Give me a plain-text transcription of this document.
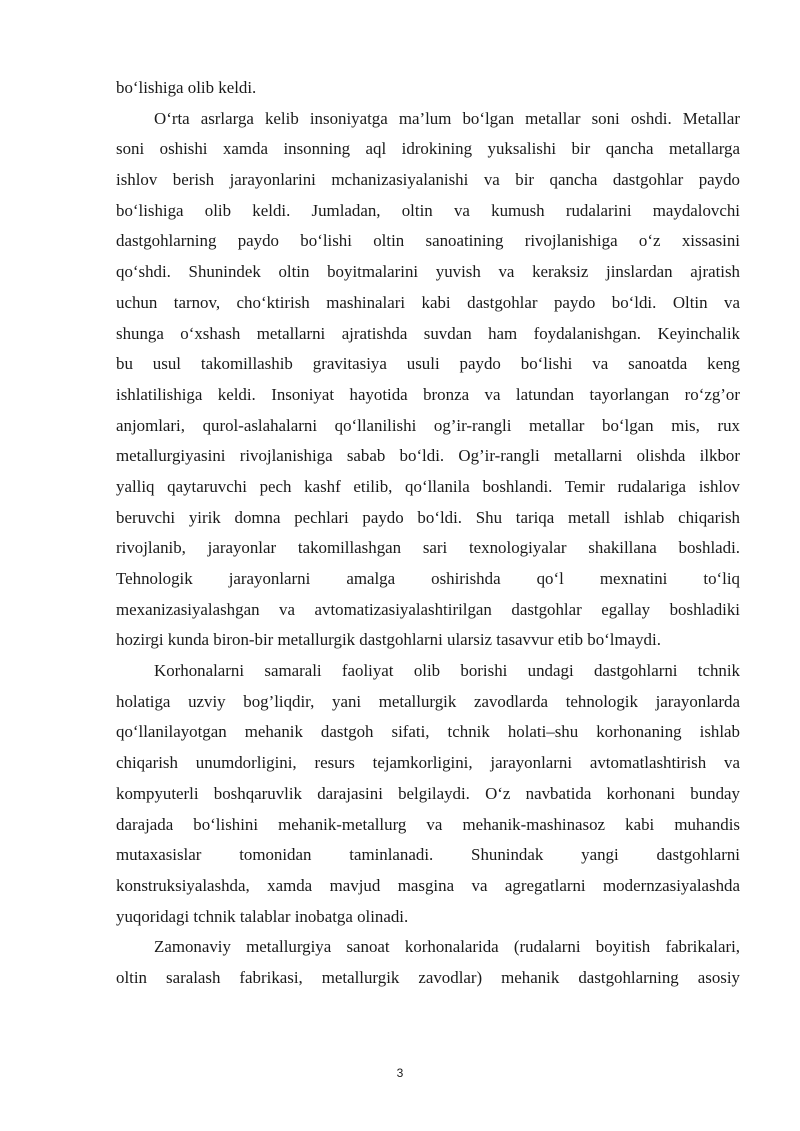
bo‘lishiga olib keldi.
O‘rta asrlarga kelib insoniyatga ma’lum bo‘lgan metallar soni oshdi. Metallar
soni oshishi xamda insonning aql idrokining yuksalishi bir qancha metallarga
ishlov berish jarayonlarini mchanizasiyalanishi va bir qancha dastgohlar paydo
bo‘lishiga olib keldi. Jumladan, oltin va kumush rudalarini maydalovchi
dastgohlarning paydo bo‘lishi oltin sanoatining rivojlanishiga o‘z xissasini
qo‘shdi. Shunindek oltin boyitmalarini yuvish va keraksiz jinslardan ajratish
uchun tarnov, cho‘ktirish mashinalari kabi dastgohlar paydo bo‘ldi. Oltin va
shunga o‘xshash metallarni ajratishda suvdan ham foydalanishgan. Keyinchalik
bu usul takomillashib gravitasiya usuli paydo bo‘lishi va sanoatda keng
ishlatilishiga keldi. Insoniyat hayotida bronza va latundan tayorlangan ro‘zg’or
anjomlari, qurol-aslahalarni qo‘llanilishi og’ir-rangli metallar bo‘lgan mis, rux
metallurgiyasini rivojlanishiga sabab bo‘ldi. Og’ir-rangli metallarni olishda ilkbor
yalliq qaytaruvchi pech kashf etilib, qo‘llanila boshlandi. Temir rudalariga ishlov
beruvchi yirik domna pechlari paydo bo‘ldi. Shu tariqa metall ishlab chiqarish
rivojlanib, jarayonlar takomillashgan sari texnologiyalar shakillana boshladi.
Tehnologik jarayonlarni amalga oshirishda qo‘l mexnatini to‘liq
mexanizasiyalashgan va avtomatizasiyalashtirilgan dastgohlar egallay boshladiki
hozirgi kunda biron-bir metallurgik dastgohlarni ularsiz tasavvur etib bo‘lmaydi.
Korhonalarni samarali faoliyat olib borishi undagi dastgohlarni tchnik
holatiga uzviy bog’liqdir, yani metallurgik zavodlarda tehnologik jarayonlarda
qo‘llanilayotgan mehanik dastgoh sifati, tchnik holati–shu korhonaning ishlab
chiqarish unumdorligini, resurs tejamkorligini, jarayonlarni avtomatlashtirish va
kompyuterli boshqaruvlik darajasini belgilaydi. O‘z navbatida korhonani bunday
darajada bo‘lishini mehanik-metallurg va mehanik-mashinasoz kabi muhandis
mutaxasislar tomonidan taminlanadi. Shunindak yangi dastgohlarni
konstruksiyalashda, xamda mavjud masgina va agregatlarni modernzasiyalashda
yuqoridagi tchnik talablar inobatga olinadi.
Zamonaviy metallurgiya sanoat korhonalarida (rudalarni boyitish fabrikalari,
oltin saralash fabrikasi, metallurgik zavodlar) mehanik dastgohlarning asosiy
3
